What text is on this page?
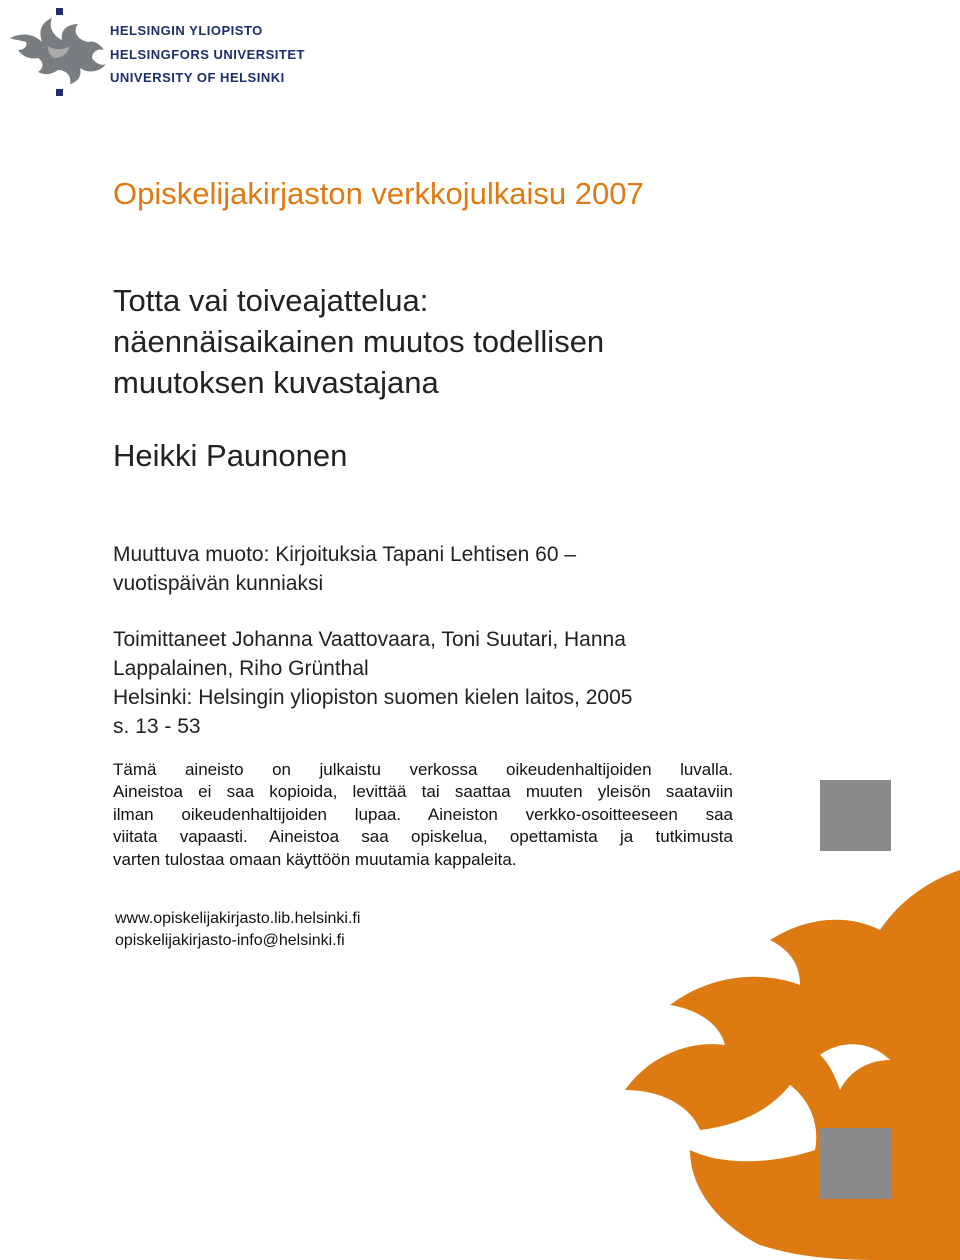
HELSINGIN YLIOPISTO
HELSINGFORS UNIVERSITET
UNIVERSITY OF HELSINKI
Opiskelijakirjaston verkkojulkaisu 2007
Totta vai toiveajattelua:
näennäisaikainen muutos todellisen
muutoksen kuvastajana
Heikki Paunonen
Muuttuva muoto: Kirjoituksia Tapani Lehtisen 60 –
vuotispäivän kunniaksi
Toimittaneet Johanna Vaattovaara, Toni Suutari, Hanna
Lappalainen, Riho Grünthal
Helsinki: Helsingin yliopiston suomen kielen laitos, 2005
s. 13 - 53
Tämä aineisto on julkaistu verkossa oikeudenhaltijoiden luvalla.
Aineistoa ei saa kopioida, levittää tai saattaa muuten yleisön saataviin
ilman oikeudenhaltijoiden lupaa. Aineiston verkko-osoitteeseen saa
viitata vapaasti. Aineistoa saa opiskelua, opettamista ja tutkimusta
varten tulostaa omaan käyttöön muutamia kappaleita.
www.opiskelijakirjasto.lib.helsinki.fi
opiskelijakirjasto-info@helsinki.fi
